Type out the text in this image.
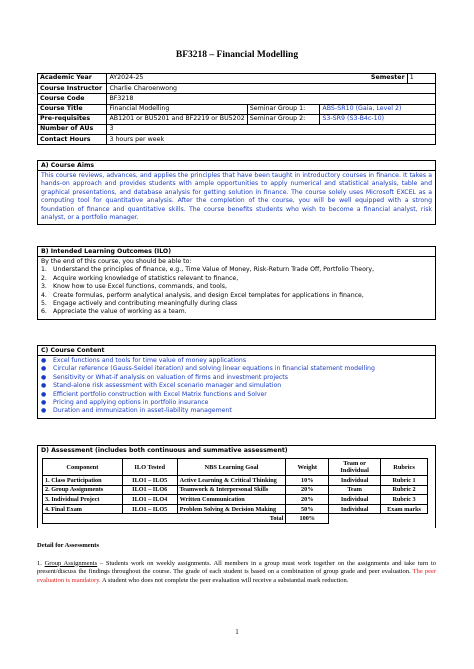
BF3218 – Financial Modelling
Academic Year	AY2024-25		Semester	1
Course Instructor	Charlie Charoenwong			
Course Code	BF3218			
Course Title	Financial Modelling	Seminar Group 1:	ABS-SR10 (Gaia, Level 2)	
Pre-requisites	AB1201 or BU5201 and BF2219 or BU5202	Seminar Group 2:	S3-SR9 (S3-B4c-10)	
Number of AUs	3			
Contact Hours	3 hours per week			
A) Course Aims
This course reviews, advances, and applies the principles that have been taught in introductory courses in finance. It takes a hands-on approach and provides students with ample opportunities to apply numerical and statistical analysis, table and graphical presentations, and database analysis for getting solution in finance. The course solely uses Microsoft EXCEL as a computing tool for quantitative analysis. After the completion of the course, you will be well equipped with a strong foundation of finance and quantitative skills. The course benefits students who wish to become a financial analyst, risk analyst, or a portfolio manager.
B) Intended Learning Outcomes (ILO)
By the end of this course, you should be able to:
1. Understand the principles of finance, e.g., Time Value of Money, Risk-Return Trade Off, Portfolio Theory,
2. Acquire working knowledge of statistics relevant to finance,
3. Know how to use Excel functions, commands, and tools,
4. Create formulas, perform analytical analysis, and design Excel templates for applications in finance,
5. Engage actively and contributing meaningfully during class
6. Appreciate the value of working as a team.
C) Course Content
●	Excel functions and tools for time value of money applications
●	Circular reference (Gauss-Seidel iteration) and solving linear equations in financial statement modelling
●	Sensitivity or What-if analysis on valuation of firms and investment projects
●	Stand-alone risk assessment with Excel scenario manager and simulation
●	Efficient portfolio construction with Excel Matrix functions and Solver
●	Pricing and applying options in portfolio insurance
●	Duration and immunization in asset-liability management
D) Assessment (includes both continuous and summative assessment)
Component	ILO Tested	NBS Learning Goal	Weight	Team or Individual	Rubrics
1. Class Participation	ILO1 – ILO5	Active Learning & Critical Thinking	10%	Individual	Rubric 1
2. Group Assignments	ILO1 – ILO6	Teamwork & Interpersonal Skills	20%	Team	Rubric 2
3. Individual Project	ILO1 – ILO4	Written Communication	20%	Individual	Rubric 3
4. Final Exam	ILO1 – ILO5	Problem Solving & Decision Making	50%	Individual	Exam marks
Total			100%		
Detail for Assessments
1. Group Assignments – Students work on weekly assignments. All members in a group must work together on the assignments and take turn to present/discuss the findings throughout the course. The grade of each student is based on a combination of group grade and peer evaluation. The peer evaluation is mandatory. A student who does not complete the peer evaluation will receive a substantial mark reduction.
1
